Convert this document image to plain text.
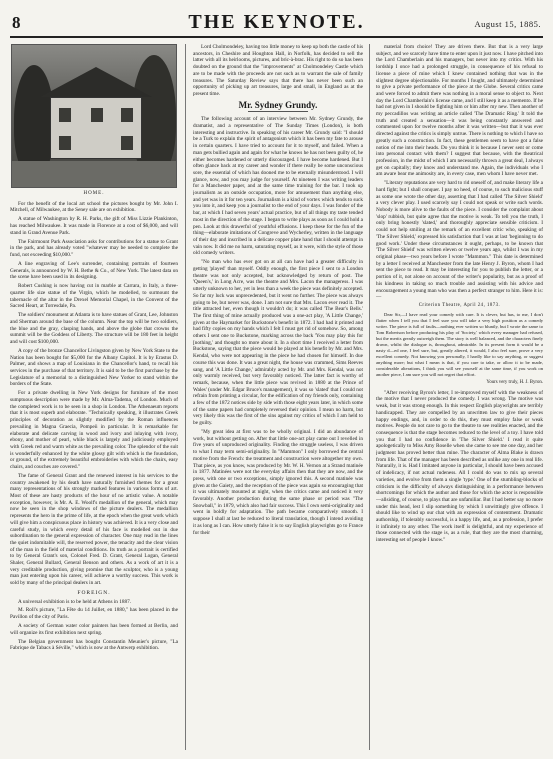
8	THE KEYNOTE.	August 15, 1885.
HOME.

For the benefit of the local art school the pictures bought by Mr. John I. Mitchell, of Milwaukee, at the Seney sale are on exhibition.

A statue of Washington by R. H. Parks, the gift of Miss Lizzie Plankinton, has reached Milwaukee. It was made in Florence at a cost of $6,000, and will stand in Grand Avenue Park.

The Fairmount Park Association asks for contributions for a statue to Grant in the park, and has already voted "whatever may be needed to complete the fund, not exceeding $10,000."

A line engraving of Lee's surrender, containing portraits of fourteen Generals, is announced by W. H. Bethe & Co., of New York. The latest data on the scene have been used in its designing.

Robert Cushing is now having cut in marble at Carrara, in Italy, a three-quarter life size statue of the Virgin, which he modelled, to surmount the tabernacle of the altar in the Drexel Memorial Chapel, in the Convent of the Sacred Heart, at Torresdale, Pa.

The soldiers' monument at Atlanta is to have statues of Grant, Lee, Johnston and Sherman around the base of the column. Near the top will be two soldiers, the blue and the gray, clasping hands, and above the globe that crowns the summit will be the Goddess of Liberty. The structure will be 180 feet in height and will cost $100,000.

A copy of the bronze Chancellor Livingston given by New York State to the Nation has been bought for $5,000 for the Albany Capitol. It is by Erastus D. Palmer, and shows a map of Louisiana in the Chancellor's hand, to recall his services in the purchase of that territory. It is said to be the first purchase by the Legislature of a memorial to a distinguished New Yorker to stand within the borders of the State.

For a private dwelling in New York designs for furniture of the most sumptuous description were made by Mr. Alma-Tadema, of London. Much of the completed work is to be seen in a shop in London. The Athenaeum reports that it is most superb and elaborate. "Technically speaking, it illustrates Greek principles of decoration as slightly modified by the Roman influences prevailing in Magna Graecia, Pompeii in particular. It is remarkable for elaborate and delicate carving in wood and ivory and inlaying with ivory, ebony, and mother of pearl, while black is largely and judiciously employed with Greek red and warm white as the prevailing color. The splendor of the suit is wonderfully enhanced by the white glossy gilt with which is the foundation, or ground, of the extremely beautiful embroideries with which the chairs, easy chairs, and couches are covered."

The fame of General Grant and the renewed interest in his services to the country awakened by his death have naturally furnished themes for a great many representations of his strongly marked features in various forms of art. Most of these are hasty products of the hour of no artistic value. A notable exception, however, is Mr. A. E. Woolf's medallion of the general, which may now be seen in the shop windows of the picture dealers. The medallion represents the hero in the prime of life, at the epoch when the great work which will give him a conspicuous place in history was achieved. It is a very close and careful study, in which every detail of his face is modelled out in due subordination to the general expression of character. One may read in the lines the quiet indomitable will, the reserved power, the tenacity and the clear vision of the man in the field of material conditions. Its truth as a portrait is certified to by General Grant's son, Colonel Fred. D. Grant, General Logan, General Shaler, General Bullard, General Benson and others. As a work of art it is a very creditable production, giving promise that the sculptor, who is a young man just entering upon his career, will achieve a worthy success. This work is sold by many of the principal dealers in art.

FOREIGN.

A universal exhibition is to be held at Athens in 1887.

M. Roll's picture, "La Fête du 14 Juillet, en 1880," has been placed in the Pavillon of the city of Paris.

A society of German water color painters has been formed at Berlin, and will organize its first exhibition next spring.

The Belgian government has bought Constantin Meunier's picture, "La Fabrique de Tabacs à Séville," which is now at the Antwerp exhibition.

Lord Cholmondeley, having too little money to keep up both the castle of his ancestors, in Cheshire and Houghton Hall, in Norfolk, has decided to sell the latter with all its heirlooms, pictures, and bric-à-brac. His right to do so has been doubted on the ground that the "improvements" at Cholmondeley Castle which are to be made with the proceeds are not such as to warrant the sale of family treasures. The Saturday Review says that there has never been such an opportunity of picking up art treasures, large and small, in England as at the present time.

Mr. Sydney Grundy.

The following account of an interview between Mr. Sydney Grundy, the dramatist, and a representative of The Sunday Times (London), is both interesting and instructive. In speaking of his career Mr. Grundy said: "I should be a Turk to explain the spirit of antagonism which it has been my fate to arouse in certain quarters. I have tried to account for it to myself, and failed. When a man gets bullied again and again for what he knows he has not been guilty of, he either becomes hardened or utterly discouraged. I have become hardened. But I often glance back at my career and wonder if there really be some unconscious sore, the essential of which has dooned me to be eternally misunderstood. I will glance, now, and you may judge for yourself. At nineteen I was writing leaders for a Manchester paper, and at the same time training for the bar. I took up journalism as an outside occupation, more for amusement than anything else, and yet was in it for ten years. Journalism is a kind of vortex which tends to suck you into it, and keep you a journalist to the end of your days. I was fonder of the bar, at which I had seven years' actual practice, but of all things my taste tended most in the direction of the stage. I began to write plays as soon as I could hold a pen. Look at this drawerful of youthful effusions. I keep these for the fun of the thing—elaborate imitations of Congreve and Wycherley, written in the language of their day and inscribed in a delicate copper plate hand that I should attempt in vain now. It did me no harm, saturating myself, as it were, with the style of those old comedy writers.

"No man who has ever got on at all can have had a greater difficulty in getting 'played' than myself. Oddly enough, the first piece I sent to a London theatre was not only accepted, but acknowledged by return of post. The 'Queen's,' in Long Acre, was the theatre and Mrs. Lacon the manageress. I was utterly unknown to her, yet in less than a week the piece was definitely accepted. So far my luck was unprecedented, but it went no further. The piece was always going to be, but never was, done. I am not sure that Mrs. Lacon ever read it. The title attracted her, even though it wouldn't do; it was called 'The Bear's Bells.' The first thing of mine actually produced was a one-act play, 'A Little Change,' given at the Haymarket for Buckstone's benefit in 1872. I had had it printed and had fifty copies on my hands which I felt I must get rid of somehow. So, among others I sent one to Buckstone, marking across the back 'You may play this for [nothing,' and thought no more about it. In a short time I received a letter from Buckstone, saying that the piece would be played at his benefit by Mr. and Mrs. Kendal, who were not appearing in the piece he had chosen for himself. In due course this was done. It was a great night, the house was crammed, Sims Reeves sang, and 'A Little Change,' admirably acted by Mr. and Mrs. Kendal, was not only warmly received, but very favorably noticed. The latter fact is worthy of remark, because, when the little piece was revived in 1880 at the Prince of Wales' (under Mr. Edgar Bruce's management), it was so 'slated' that I could not refrain from printing a circular, for the edification of my friends only, containing a few of the 1872 notices side by side with those eight years later, in which some of the same papers had completely reversed their opinion. I mean no harm, but very likely this was the first of the sins against my critics of which I am held to be guilty.

"My great idea at first was to be wholly original. I did an abundance of work, but without getting on. After that little one-act play came out I revelled in five years of unproduced originality. Finding the struggle useless, I was driven to what I may term semi-originality. In "Mammon" I only borrowed the central motive from the French: the treatment and construction were altogether my own. That piece, as you know, was produced by Mr. W. H. Vernon at a Strand matinée in 1877. Matinées were not the everyday affairs then that they are now, and the press, with one or two exceptions, simply ignored this. A second matinée was given at the Gaiety, and the reception of the piece was again so encouraging that it was ultimately mounted at night, when the critics came and noticed it very favorably. Another production during the same phase or period was "The Snowball," in 1879, which also had fair success. This I own semi-originality and went in boldly for adaptation. The path became comparatively smooth. I suppose I shall at last be reduced to literal translation, though I intend avoiding it as long as I can. How utterly false it is to say English playwrights go to France for their

material from choice! They are driven there. But that is a very large subject, and we scarcely have time to enter upon it just now. I have pitched into the Lord Chamberlain and his managers, but never into my critics. With his lordship I once had a prolonged struggle, in consequence of his refusal to license a piece of mine which I knew contained nothing that was in the slightest degree objectionable. For months I fought, and ultimately determined to give a private performance of the piece at the Globe. Several critics came and were forced to admit there was nothing in a moral sense to object to. Next day the Lord Chamberlain's license came, and I still keep it as a memento. If he had not given in I should be fighting him or him after my new. Then another of my peccadillos was writing an article called 'The Dramatic Ring.' It told the truth and created a sensation—it was being constantly answered and commented upon for twelve months after it was written—but that it was ever directed against the critics is simply untrue. There is nothing to which I have so greatly such a construction. In fact, these gentlemen seem to have got a false notion of me into their heads. Do you think it is because I never sent or come into personal contact with them? I suggest that because, with the theatrical profession, in the midst of which I am necessarily thrown a great deal, I always get on capitally; they know and understand me. Again, the individuals who I am aware bear me animosity are, in every case, men whom I have never met.

"Literary reputations are very hard to rid oneself of, and make literary life a hard fight; but I shall conquer. I pay no heed, of course, to such malicious stuff as some one wrote the other day, asserting that I had called 'The Silver Shield' a very clever play. I used scarcely say I could not speak or write such words. Nobody is more alive to the faults of the piece. I consider the complaint about 'slop' rubbish, but quite agree that the motive is weak. To tell you the truth, I only bring honestly 'slated,' and thoroughly appreciate sensible criticism. I could not help smiling at the remark of an excellent critic who, speaking of 'The Silver Shield,' expressed his satisfaction that I was at last 'beginning to do good work.' Under these circumstances it ought, perhaps, to be known that 'The Silver Shield' was written eleven or twelve years ago, whilst I was in my original phase—two years before I wrote "Mammon." This date is determined by a letter I received at Manchester from the late Henry J. Byron, whom I had sent the piece to read. It may be interesting for you to publish the letter, or a portion of it, not alone on account of the writer's popularity, but as a proof of his kindness in taking so much trouble and assisting with his advice and encouragement a young man who was then a perfect stranger to him. Here it is:—

Criterion Theatre, April 24, 1873.

Dear Sir,—I have read your comedy with care. It is clever, but has, to me, I don't flatter when I tell you that I feel sure you will take a very high position as a comedy writer. The piece is full of faults—nothing ever written so bluntly, but I wrote the same to Tom Robertson before producing his play of 'Society,' which every manager had refused, but the merits greatly outweigh them. The story is well balanced, and the characters finely drawn, whilst the dialogue is, throughout, admirable. In its present form it would be a nasty d—ed one, I feel sure, but, greatly altered, it would, I also feel sure, prove a very excellent comedy. Not knowing you personally, I hardly like to say anything, or suggest anything more; but what I mean is that, if you care to take, or allow it to be made, considerable alterations, I think you will see yourself at the same time, if you work on another piece, I am sure you will not regret that effort.

Yours very truly, H. J. Byron.

"After receiving Byron's letter, I re-improved myself with the weakness of the motive that I never produced the comedy. I was wrong. The motive was weak, but it was strong enough. In this respect English playwrights are terribly handicapped. They are compelled by an unwritten law to give their pieces happy endings, and, in order to do this, they must employ false or weak motives. People do not care to go to the theatre to see realities enacted, and the consequence is that the stage becomes reduced to the level of a toy. I have told you that I had no confidence in 'The Silver Shield.' I read it quite apologetically to Miss Amy Roselle when she came to see me one day, and her judgment has proved better than mine. The character of Alma Blake is drawn from life. That of the manager has been described as unlike any one in real life. Naturally, it is. Had I imitated anyone in particular, I should have been accused of indelicacy, if not actual rudeness. All I could do was to mix up several varieties, and evolve from them a single 'type.' One of the stumbling-blocks of criticism is the difficulty of always distinguishing in a performance between shortcomings for which the author and those for which the actor is responsible—allsiding, of course, to plays that are unfamiliar. But I had better say no more under this head, lest I slip something by which I unwittingly give offence. I should like to wind up our chat with an expression of contentment. Dramatic authorship, if tolerably successful, is a happy life, and, as a profession, I prefer it infinitely to any other. The work itself is delightful, and my experience of those connected with the stage is, as a rule, that they are the most charming, interesting set of people I know."
